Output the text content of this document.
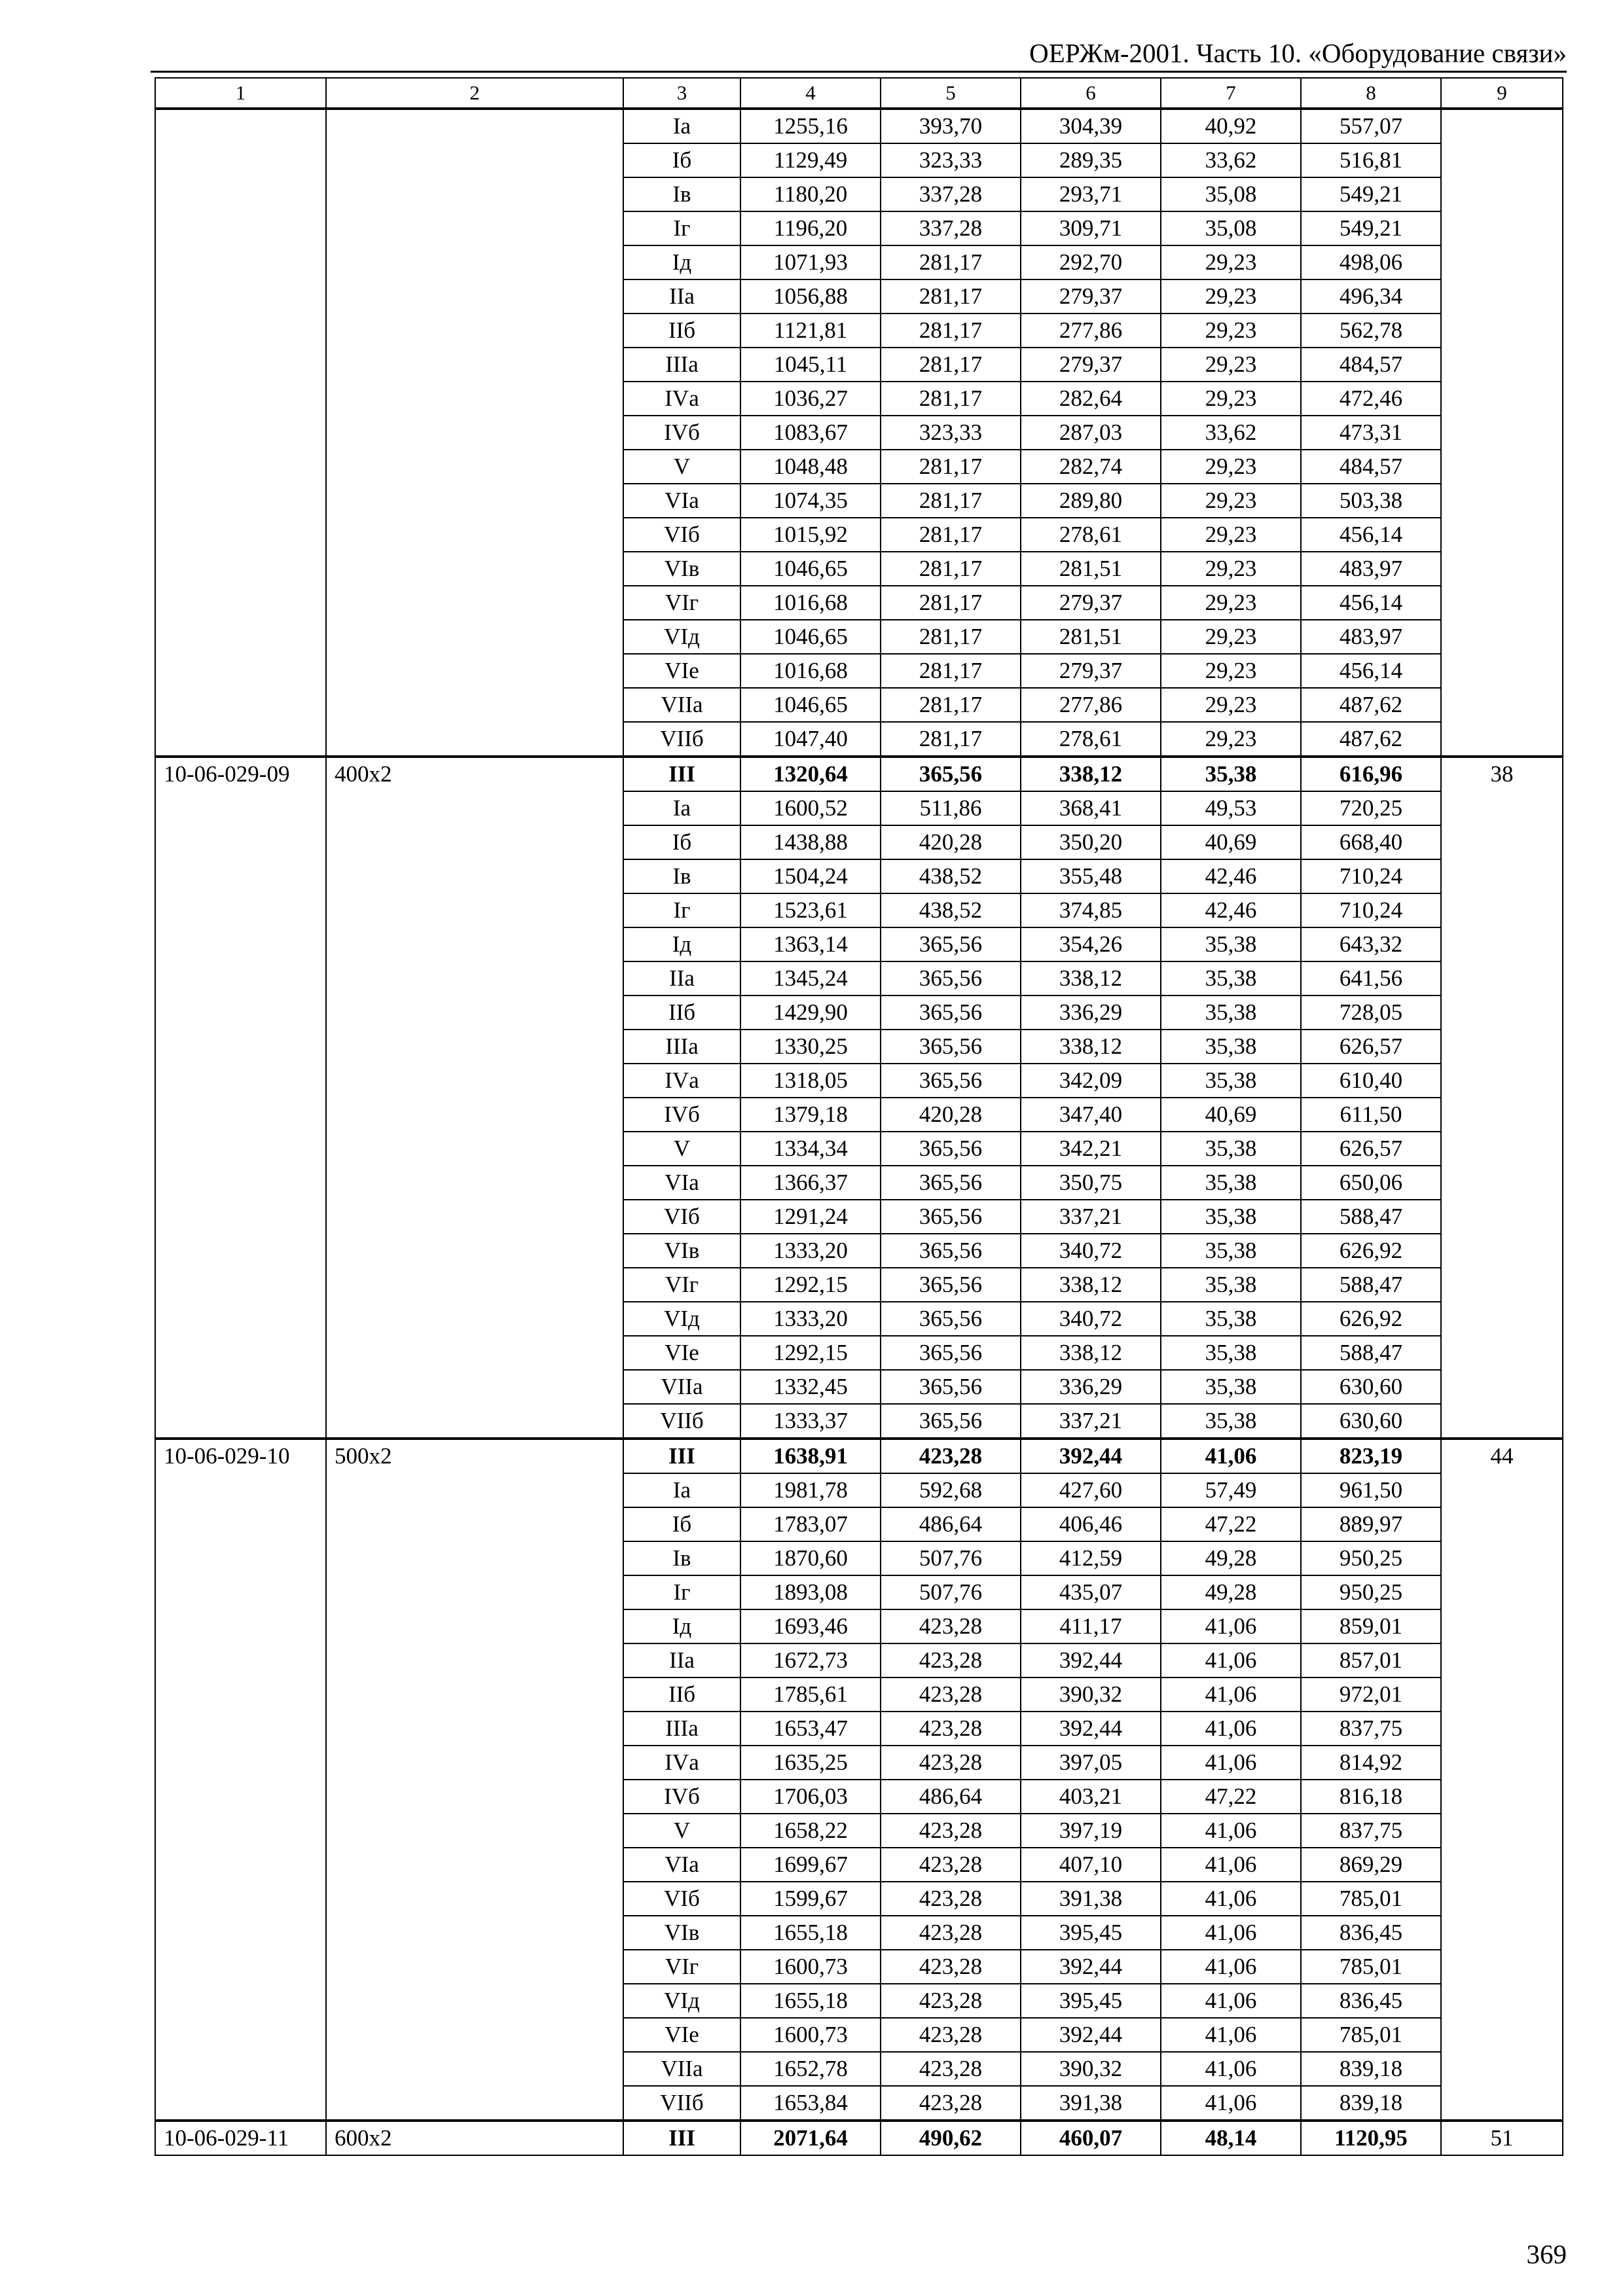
ОЕРЖм-2001. Часть 10. «Оборудование связи»
1	2	3	4	5	6	7	8	9
		Iа	1255,16	393,70	304,39	40,92	557,07	
		Iб	1129,49	323,33	289,35	33,62	516,81	
		Iв	1180,20	337,28	293,71	35,08	549,21	
		Iг	1196,20	337,28	309,71	35,08	549,21	
		Iд	1071,93	281,17	292,70	29,23	498,06	
		IIа	1056,88	281,17	279,37	29,23	496,34	
		IIб	1121,81	281,17	277,86	29,23	562,78	
		IIIа	1045,11	281,17	279,37	29,23	484,57	
		IVа	1036,27	281,17	282,64	29,23	472,46	
		IVб	1083,67	323,33	287,03	33,62	473,31	
		V	1048,48	281,17	282,74	29,23	484,57	
		VIа	1074,35	281,17	289,80	29,23	503,38	
		VIб	1015,92	281,17	278,61	29,23	456,14	
		VIв	1046,65	281,17	281,51	29,23	483,97	
		VIг	1016,68	281,17	279,37	29,23	456,14	
		VIд	1046,65	281,17	281,51	29,23	483,97	
		VIе	1016,68	281,17	279,37	29,23	456,14	
		VIIа	1046,65	281,17	277,86	29,23	487,62	
		VIIб	1047,40	281,17	278,61	29,23	487,62	
10-06-029-09	400x2	III	1320,64	365,56	338,12	35,38	616,96	38
		Iа	1600,52	511,86	368,41	49,53	720,25	
		Iб	1438,88	420,28	350,20	40,69	668,40	
		Iв	1504,24	438,52	355,48	42,46	710,24	
		Iг	1523,61	438,52	374,85	42,46	710,24	
		Iд	1363,14	365,56	354,26	35,38	643,32	
		IIа	1345,24	365,56	338,12	35,38	641,56	
		IIб	1429,90	365,56	336,29	35,38	728,05	
		IIIа	1330,25	365,56	338,12	35,38	626,57	
		IVа	1318,05	365,56	342,09	35,38	610,40	
		IVб	1379,18	420,28	347,40	40,69	611,50	
		V	1334,34	365,56	342,21	35,38	626,57	
		VIа	1366,37	365,56	350,75	35,38	650,06	
		VIб	1291,24	365,56	337,21	35,38	588,47	
		VIв	1333,20	365,56	340,72	35,38	626,92	
		VIг	1292,15	365,56	338,12	35,38	588,47	
		VIд	1333,20	365,56	340,72	35,38	626,92	
		VIе	1292,15	365,56	338,12	35,38	588,47	
		VIIа	1332,45	365,56	336,29	35,38	630,60	
		VIIб	1333,37	365,56	337,21	35,38	630,60	
10-06-029-10	500x2	III	1638,91	423,28	392,44	41,06	823,19	44
		Iа	1981,78	592,68	427,60	57,49	961,50	
		Iб	1783,07	486,64	406,46	47,22	889,97	
		Iв	1870,60	507,76	412,59	49,28	950,25	
		Iг	1893,08	507,76	435,07	49,28	950,25	
		Iд	1693,46	423,28	411,17	41,06	859,01	
		IIа	1672,73	423,28	392,44	41,06	857,01	
		IIб	1785,61	423,28	390,32	41,06	972,01	
		IIIа	1653,47	423,28	392,44	41,06	837,75	
		IVа	1635,25	423,28	397,05	41,06	814,92	
		IVб	1706,03	486,64	403,21	47,22	816,18	
		V	1658,22	423,28	397,19	41,06	837,75	
		VIа	1699,67	423,28	407,10	41,06	869,29	
		VIб	1599,67	423,28	391,38	41,06	785,01	
		VIв	1655,18	423,28	395,45	41,06	836,45	
		VIг	1600,73	423,28	392,44	41,06	785,01	
		VIд	1655,18	423,28	395,45	41,06	836,45	
		VIе	1600,73	423,28	392,44	41,06	785,01	
		VIIа	1652,78	423,28	390,32	41,06	839,18	
		VIIб	1653,84	423,28	391,38	41,06	839,18	
10-06-029-11	600x2	III	2071,64	490,62	460,07	48,14	1120,95	51
369
